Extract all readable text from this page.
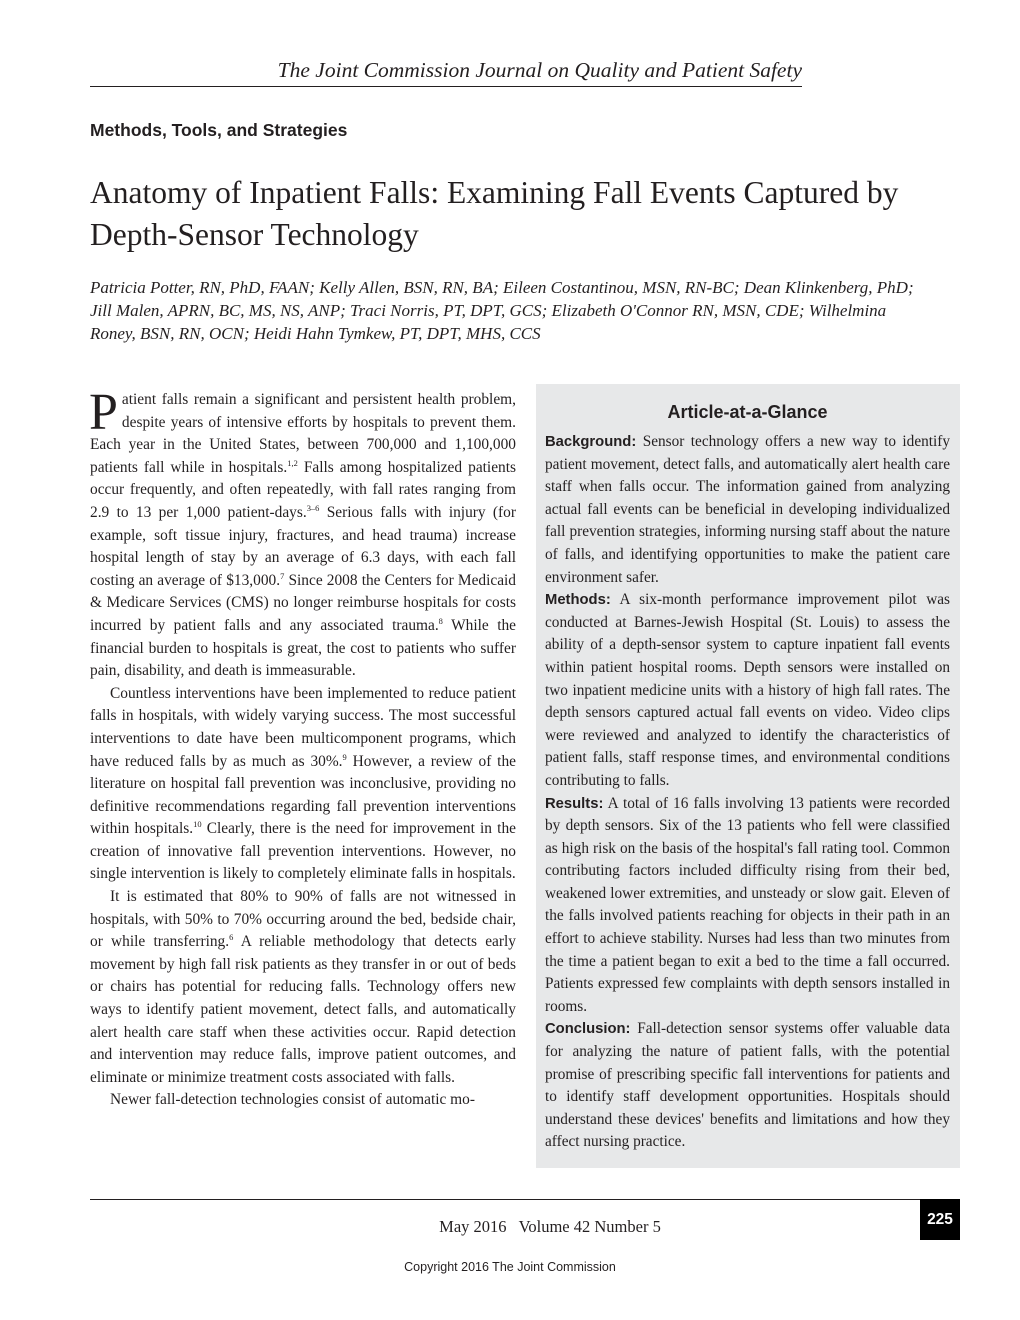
The Joint Commission Journal on Quality and Patient Safety
Methods, Tools, and Strategies
Anatomy of Inpatient Falls: Examining Fall Events Captured by Depth-Sensor Technology
Patricia Potter, RN, PhD, FAAN; Kelly Allen, BSN, RN, BA; Eileen Costantinou, MSN, RN-BC; Dean Klinkenberg, PhD; Jill Malen, APRN, BC, MS, NS, ANP; Traci Norris, PT, DPT, GCS; Elizabeth O'Connor RN, MSN, CDE; Wilhelmina Roney, BSN, RN, OCN; Heidi Hahn Tymkew, PT, DPT, MHS, CCS

Patient falls remain a significant and persistent health problem, despite years of intensive efforts by hospitals to prevent them. Each year in the United States, between 700,000 and 1,100,000 patients fall while in hospitals.$^{1,2}$ Falls among hospitalized patients occur frequently, and often repeatedly, with fall rates ranging from 2.9 to 13 per 1,000 patient-days.$^{3-6}$ Serious falls with injury (for example, soft tissue injury, fractures, and head trauma) increase hospital length of stay by an average of 6.3 days, with each fall costing an average of $13,000.$^7$ Since 2008 the Centers for Medicaid & Medicare Services (CMS) no longer reimburse hospitals for costs incurred by patient falls and any associated trauma.$^8$ While the financial burden to hospitals is great, the cost to patients who suffer pain, disability, and death is immeasurable.

Countless interventions have been implemented to reduce patient falls in hospitals, with widely varying success. The most successful interventions to date have been multicomponent programs, which have reduced falls by as much as 30%.$^9$ However, a review of the literature on hospital fall prevention was inconclusive, providing no definitive recommendations regarding fall prevention interventions within hospitals.$^{10}$ Clearly, there is the need for improvement in the creation of innovative fall prevention interventions. However, no single intervention is likely to completely eliminate falls in hospitals.

It is estimated that 80% to 90% of falls are not witnessed in hospitals, with 50% to 70% occurring around the bed, bedside chair, or while transferring.$^6$ A reliable methodology that detects early movement by high fall risk patients as they transfer in or out of beds or chairs has potential for reducing falls. Technology offers new ways to identify patient movement, detect falls, and automatically alert health care staff when these activities occur. Rapid detection and intervention may reduce falls, improve patient outcomes, and eliminate or minimize treatment costs associated with falls.

Newer fall-detection technologies consist of automatic mo-

Article-at-a-Glance

Background: Sensor technology offers a new way to identify patient movement, detect falls, and automatically alert health care staff when falls occur. The information gained from analyzing actual fall events can be beneficial in developing individualized fall prevention strategies, informing nursing staff about the nature of falls, and identifying opportunities to make the patient care environment safer.

Methods: A six-month performance improvement pilot was conducted at Barnes-Jewish Hospital (St. Louis) to assess the ability of a depth-sensor system to capture inpatient fall events within patient hospital rooms. Depth sensors were installed on two inpatient medicine units with a history of high fall rates. The depth sensors captured actual fall events on video. Video clips were reviewed and analyzed to identify the characteristics of patient falls, staff response times, and environmental conditions contributing to falls.

Results: A total of 16 falls involving 13 patients were recorded by depth sensors. Six of the 13 patients who fell were classified as high risk on the basis of the hospital's fall rating tool. Common contributing factors included difficulty rising from their bed, weakened lower extremities, and unsteady or slow gait. Eleven of the falls involved patients reaching for objects in their path in an effort to achieve stability. Nurses had less than two minutes from the time a patient began to exit a bed to the time a fall occurred. Patients expressed few complaints with depth sensors installed in rooms.

Conclusion: Fall-detection sensor systems offer valuable data for analyzing the nature of patient falls, with the potential promise of prescribing specific fall interventions for patients and to identify staff development opportunities. Hospitals should understand these devices' benefits and limitations and how they affect nursing practice.

May 2016   Volume 42 Number 5	225
Copyright 2016 The Joint Commission
